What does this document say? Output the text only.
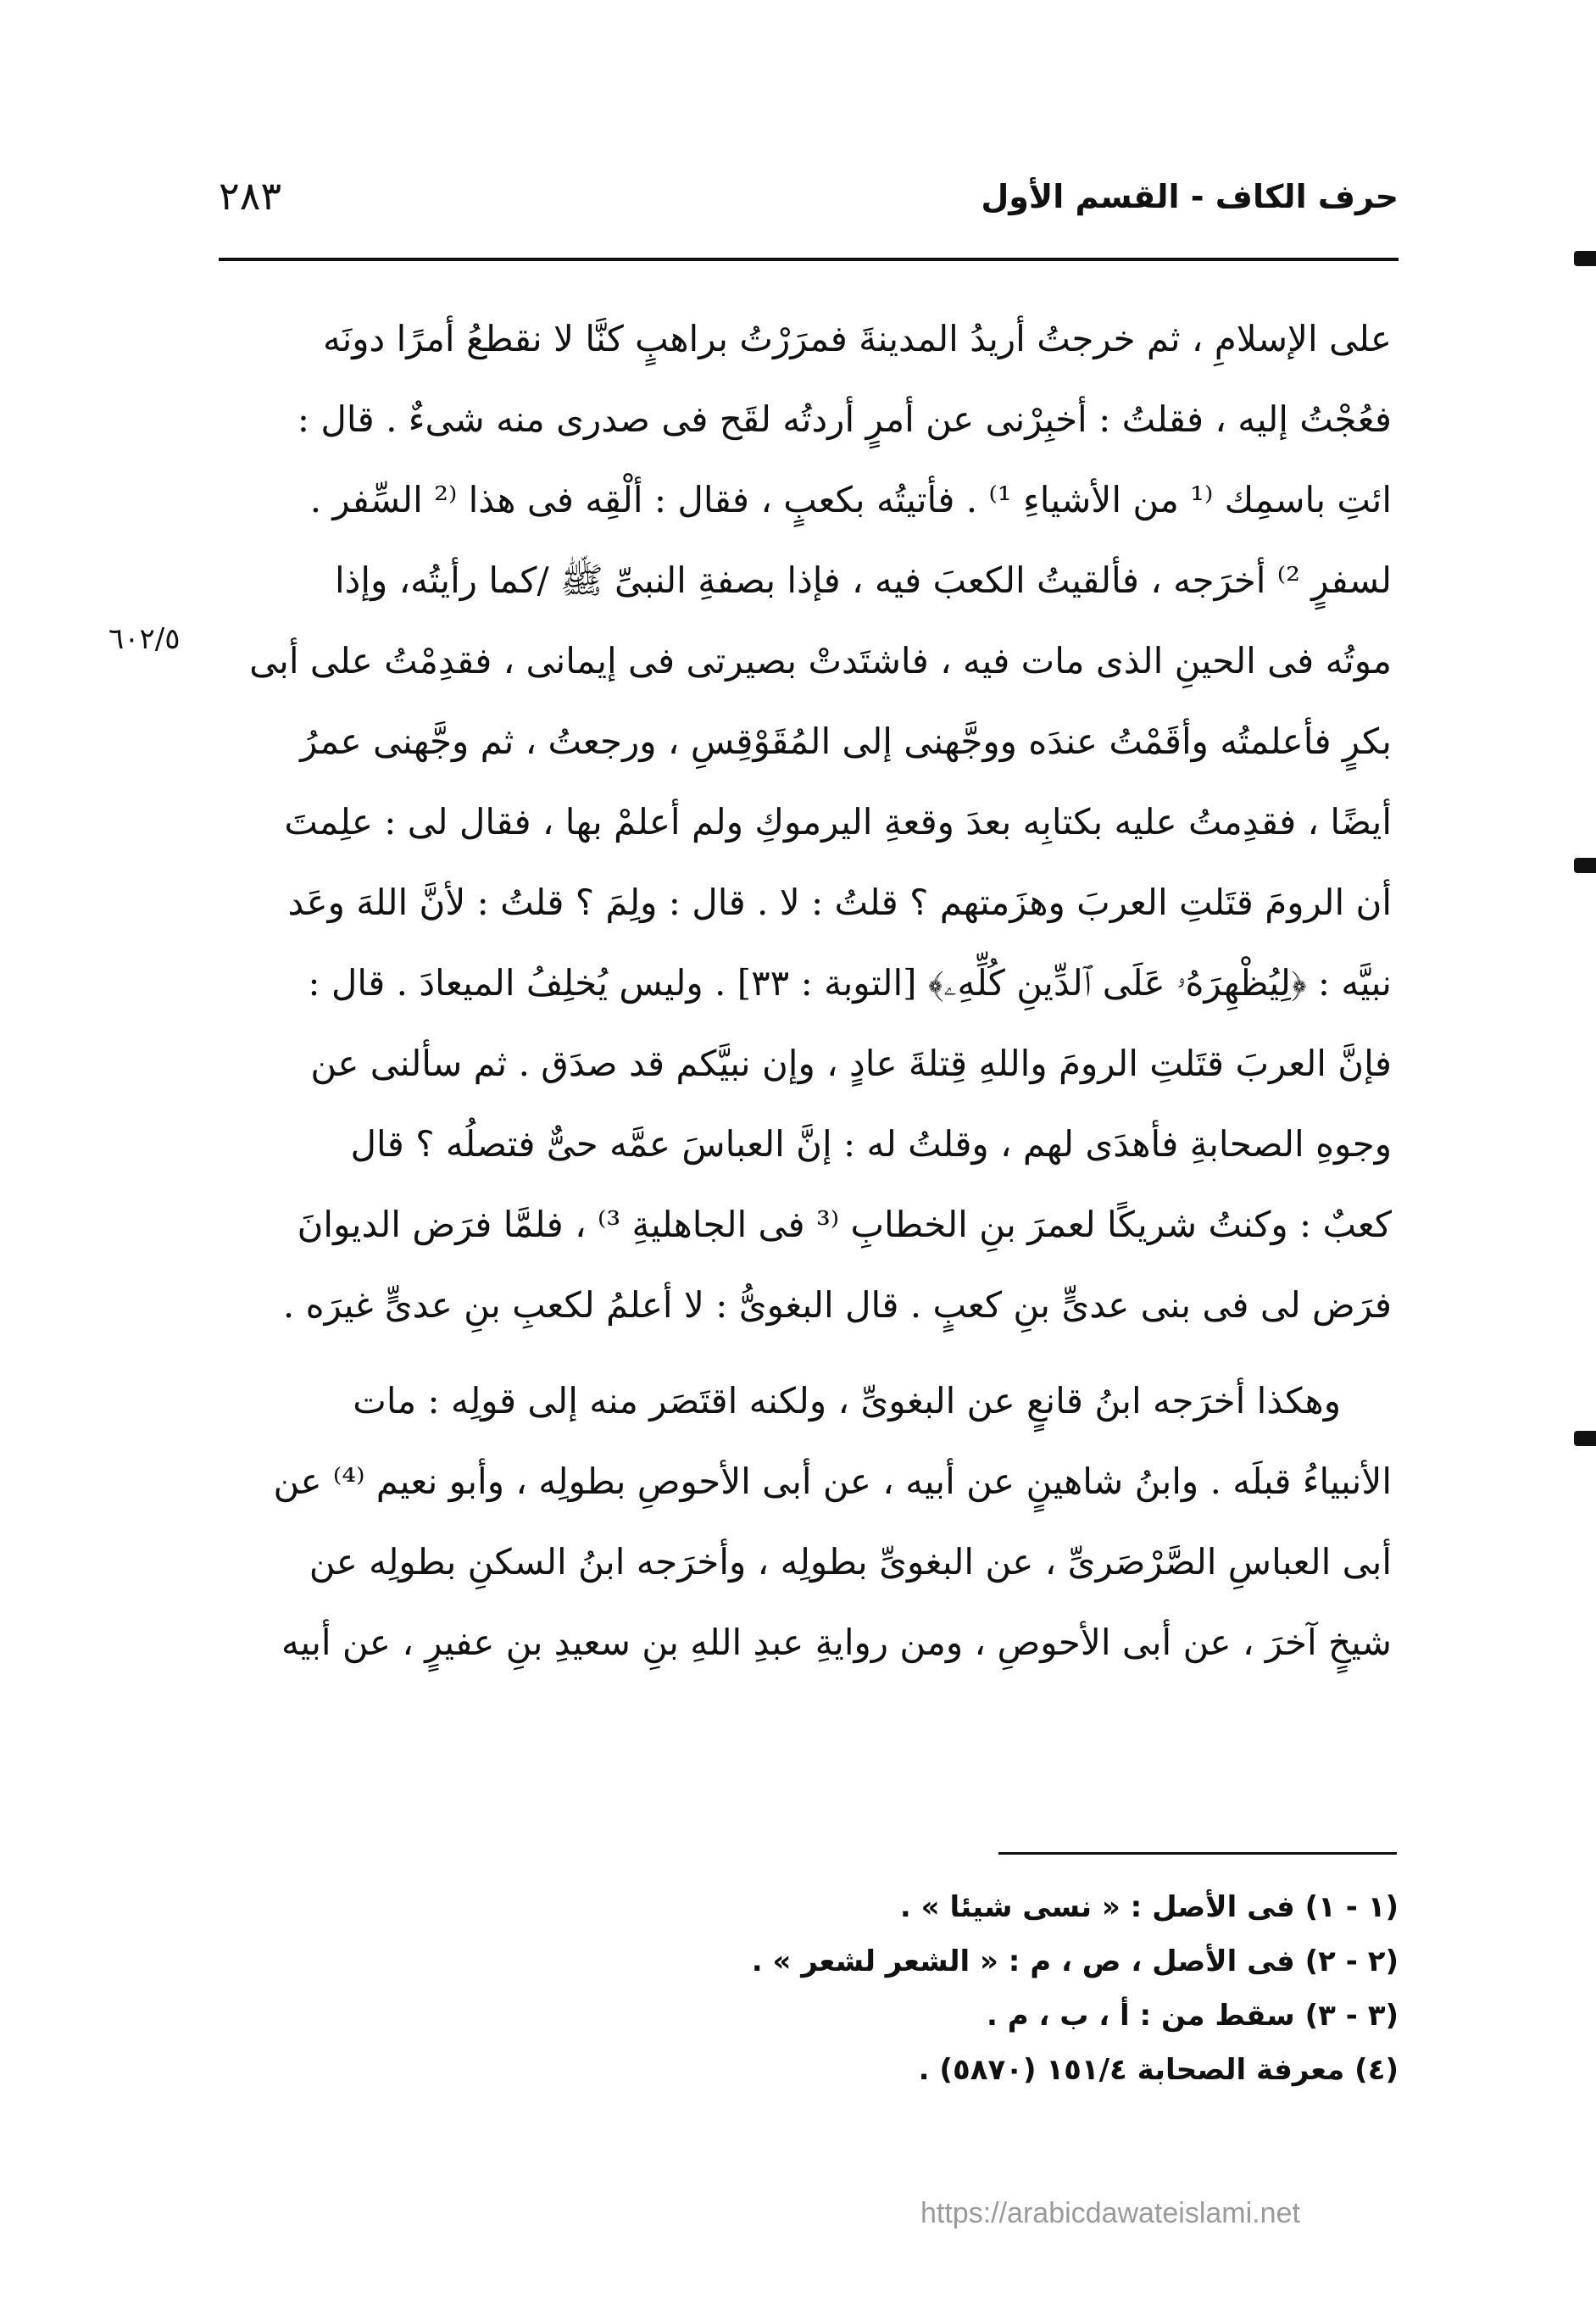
حرف الكاف - القسم الأول
٢٨٣
٦٠٢/٥
على الإسلامِ ، ثم خرجتُ أريدُ المدينةَ فمرَرْتُ براهبٍ كنَّا لا نقطعُ أمرًا دونَه
فعُجْتُ إليه ، فقلتُ : أخبِرْنى عن أمرٍ أردتُه لقَح فى صدرى منه شىءٌ . قال :
ائتِ باسمِك ⁽¹ من الأشياءِ ¹⁾ . فأتيتُه بكعبٍ ، فقال : ألْقِه فى هذا ⁽² السِّفر .
لسفرٍ ²⁾ أخرَجه ، فألقيتُ الكعبَ فيه ، فإذا بصفةِ النبىِّ ﷺ /كما رأيتُه، وإذا
موتُه فى الحينِ الذى مات فيه ، فاشتَدتْ بصيرتى فى إيمانى ، فقدِمْتُ على أبى
بكرٍ فأعلمتُه وأقَمْتُ عندَه ووجَّهنى إلى المُقَوْقِسِ ، ورجعتُ ، ثم وجَّهنى عمرُ
أيضًا ، فقدِمتُ عليه بكتابِه بعدَ وقعةِ اليرموكِ ولم أعلمْ بها ، فقال لى : علِمتَ
أن الرومَ قتَلتِ العربَ وهزَمتهم ؟ قلتُ : لا . قال : ولِمَ ؟ قلتُ : لأنَّ اللهَ وعَد
نبيَّه : ﴿لِيُظْهِرَهُۥ عَلَى ٱلدِّينِ كُلِّهِۦ﴾ [التوبة : ٣٣] . وليس يُخلِفُ الميعادَ . قال :
فإنَّ العربَ قتَلتِ الرومَ واللهِ قِتلةَ عادٍ ، وإن نبيَّكم قد صدَق . ثم سألنى عن
وجوهِ الصحابةِ فأهدَى لهم ، وقلتُ له : إنَّ العباسَ عمَّه حىٌّ فتصلُه ؟ قال
كعبٌ : وكنتُ شريكًا لعمرَ بنِ الخطابِ ⁽³ فى الجاهليةِ ³⁾ ، فلمَّا فرَض الديوانَ
فرَض لى فى بنى عدىٍّ بنِ كعبٍ . قال البغوىُّ : لا أعلمُ لكعبِ بنِ عدىٍّ غيرَه .
وهكذا أخرَجه ابنُ قانعٍ عن البغوىِّ ، ولكنه اقتَصَر منه إلى قولِه : مات
الأنبياءُ قبلَه . وابنُ شاهينٍ عن أبيه ، عن أبى الأحوصِ بطولِه ، وأبو نعيم ⁽⁴⁾ عن
أبى العباسِ الصَّرْصَرىِّ ، عن البغوىِّ بطولِه ، وأخرَجه ابنُ السكنِ بطولِه عن
شيخٍ آخرَ ، عن أبى الأحوصِ ، ومن روايةِ عبدِ اللهِ بنِ سعيدِ بنِ عفيرٍ ، عن أبيه
(١ - ١) فى الأصل : « نسى شيئا » .
(٢ - ٢) فى الأصل ، ص ، م : « الشعر لشعر » .
(٣ - ٣) سقط من : أ ، ب ، م .
(٤) معرفة الصحابة ١٥١/٤ (٥٨٧٠) .
https://arabicdawateislami.net
